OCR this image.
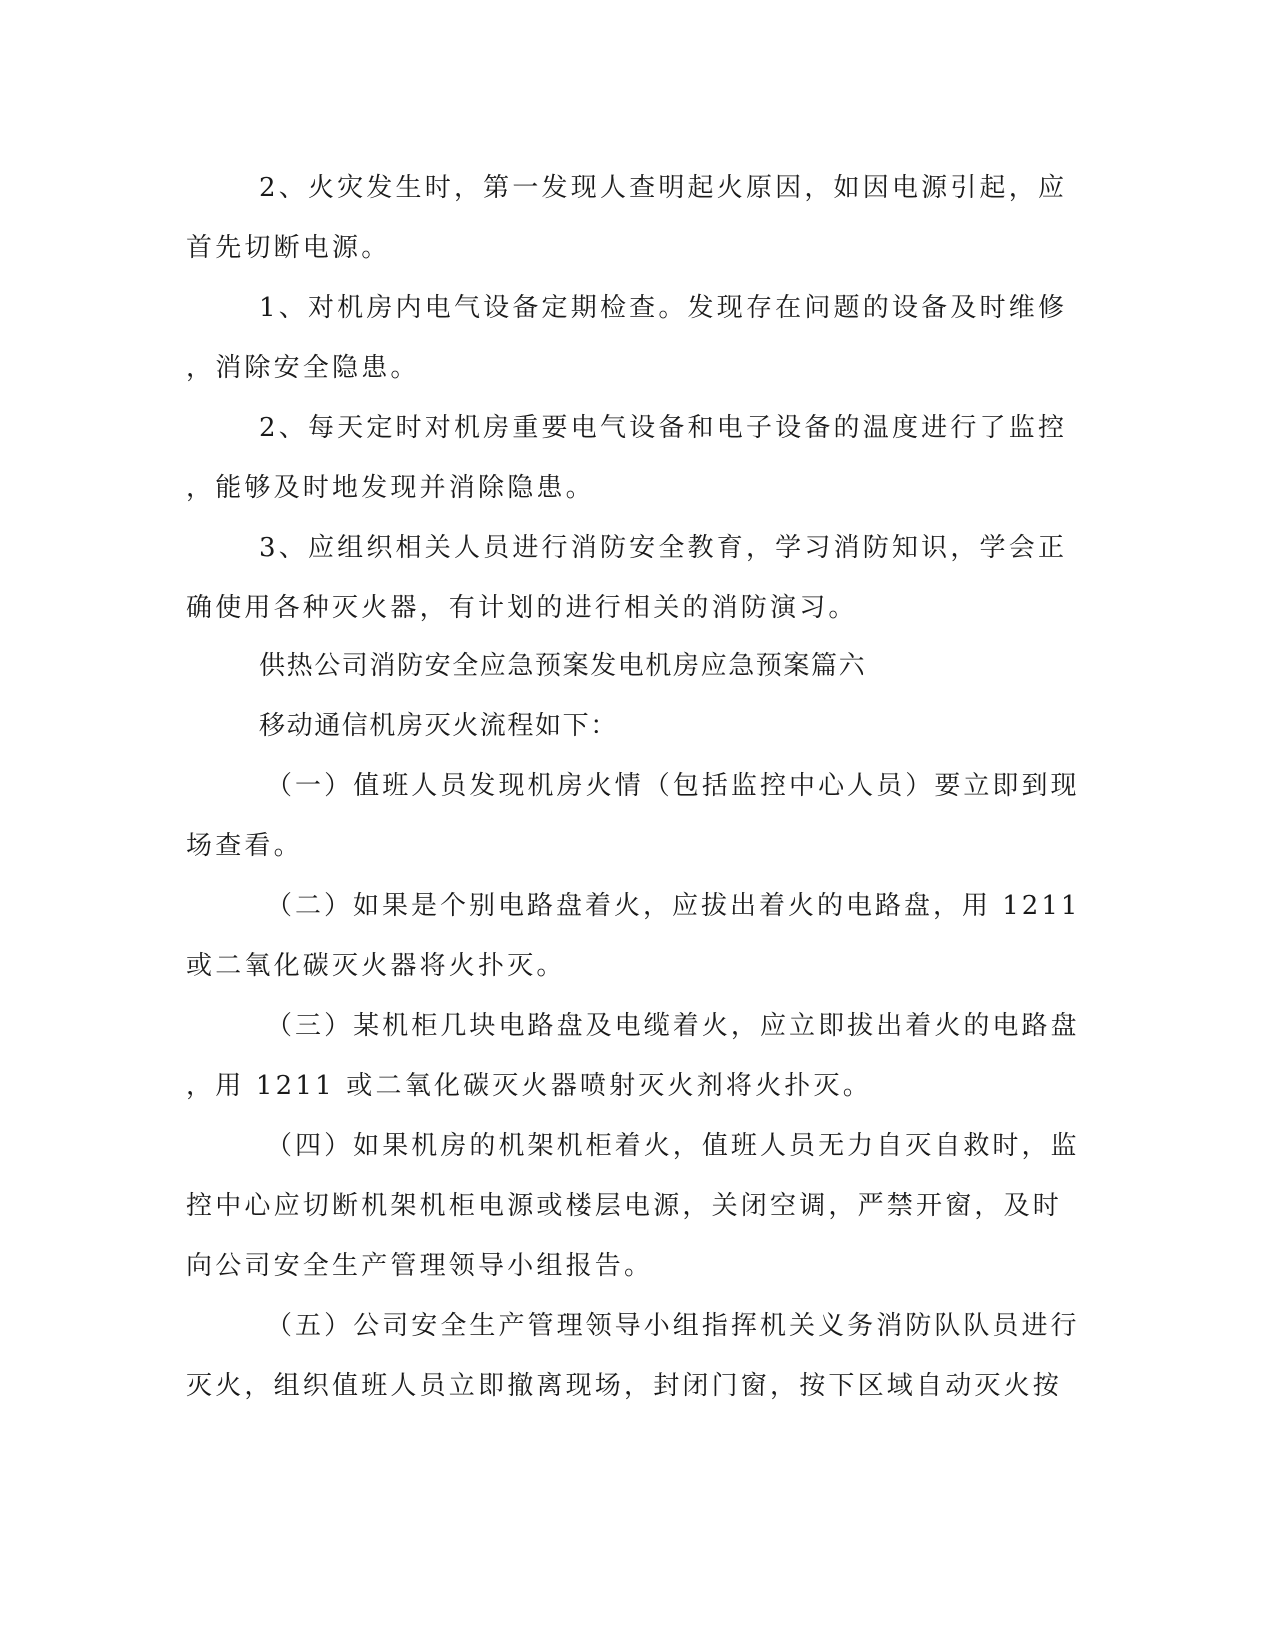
2、火灾发生时，第一发现人查明起火原因，如因电源引起，应
首先切断电源。
1、对机房内电气设备定期检查。发现存在问题的设备及时维修
，消除安全隐患。
2、每天定时对机房重要电气设备和电子设备的温度进行了监控
，能够及时地发现并消除隐患。
3、应组织相关人员进行消防安全教育，学习消防知识，学会正
确使用各种灭火器，有计划的进行相关的消防演习。
供热公司消防安全应急预案发电机房应急预案篇六
移动通信机房灭火流程如下：
（一）值班人员发现机房火情（包括监控中心人员）要立即到现
场查看。
（二）如果是个别电路盘着火，应拔出着火的电路盘，用 1211
或二氧化碳灭火器将火扑灭。
（三）某机柜几块电路盘及电缆着火，应立即拔出着火的电路盘
，用 1211 或二氧化碳灭火器喷射灭火剂将火扑灭。
（四）如果机房的机架机柜着火，值班人员无力自灭自救时，监
控中心应切断机架机柜电源或楼层电源，关闭空调，严禁开窗，及时
向公司安全生产管理领导小组报告。
（五）公司安全生产管理领导小组指挥机关义务消防队队员进行
灭火，组织值班人员立即撤离现场，封闭门窗，按下区域自动灭火按
